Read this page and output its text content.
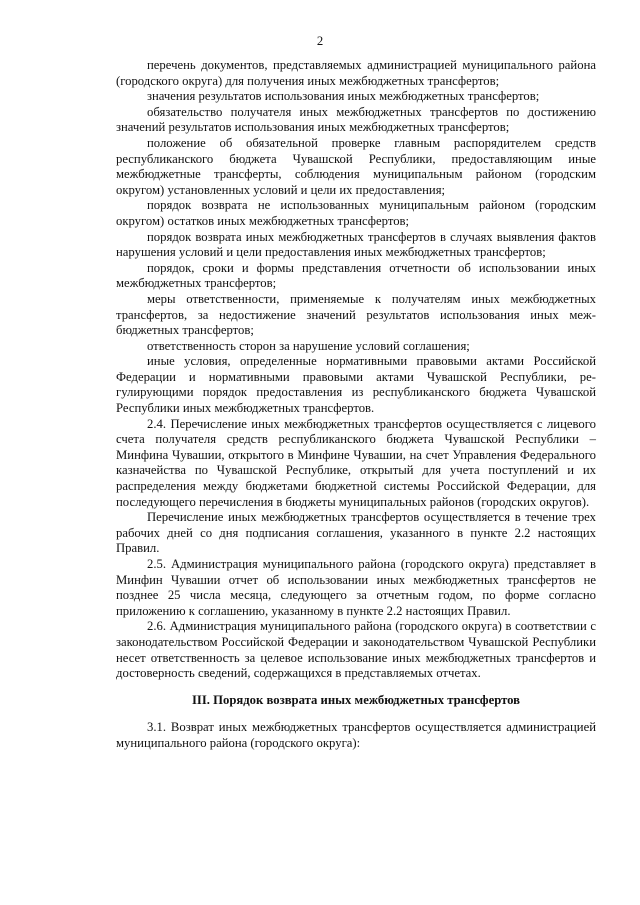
2

перечень документов, представляемых администрацией муниципального района (городского округа) для получения иных межбюджетных трансфертов;

значения результатов использования иных межбюджетных трансфертов;

обязательство получателя иных межбюджетных трансфертов по достижению значений результатов использования иных межбюджетных трансфертов;

положение об обязательной проверке главным распорядителем средств республиканского бюджета Чувашской Республики, предоставляющим иные межбюджетные трансферты, соблюдения муниципальным районом (городским округом) установленных условий и цели их предоставления;

порядок возврата не использованных муниципальным районом (городским округом) остатков иных межбюджетных трансфертов;

порядок возврата иных межбюджетных трансфертов в случаях выявления фактов нарушения условий и цели предоставления иных межбюджетных трансфертов;

порядок, сроки и формы представления отчетности об использовании иных межбюджетных трансфертов;

меры ответственности, применяемые к получателям иных межбюджетных трансфертов, за недостижение значений результатов использования иных межбюджетных трансфертов;

ответственность сторон за нарушение условий соглашения;

иные условия, определенные нормативными правовыми актами Российской Федерации и нормативными правовыми актами Чувашской Республики, регулирующими порядок предоставления из республиканского бюджета Чувашской Республики иных межбюджетных трансфертов.

2.4. Перечисление иных межбюджетных трансфертов осуществляется с лицевого счета получателя средств республиканского бюджета Чувашской Республики – Минфина Чувашии, открытого в Минфине Чувашии, на счет Управления Федерального казначейства по Чувашской Республике, открытый для учета поступлений и их распределения между бюджетами бюджетной системы Российской Федерации, для последующего перечисления в бюджеты муниципальных районов (городских округов).

Перечисление иных межбюджетных трансфертов осуществляется в течение трех рабочих дней со дня подписания соглашения, указанного в пункте 2.2 настоящих Правил.

2.5. Администрация муниципального района (городского округа) представляет в Минфин Чувашии отчет об использовании иных межбюджетных трансфертов не позднее 25 числа месяца, следующего за отчетным годом, по форме согласно приложению к соглашению, указанному в пункте 2.2 настоящих Правил.

2.6. Администрация муниципального района (городского округа) в соответствии с законодательством Российской Федерации и законодательством Чувашской Республики несет ответственность за целевое использование иных межбюджетных трансфертов и достоверность сведений, содержащихся в представляемых отчетах.

III. Порядок возврата иных межбюджетных трансфертов

3.1. Возврат иных межбюджетных трансфертов осуществляется администрацией муниципального района (городского округа):
